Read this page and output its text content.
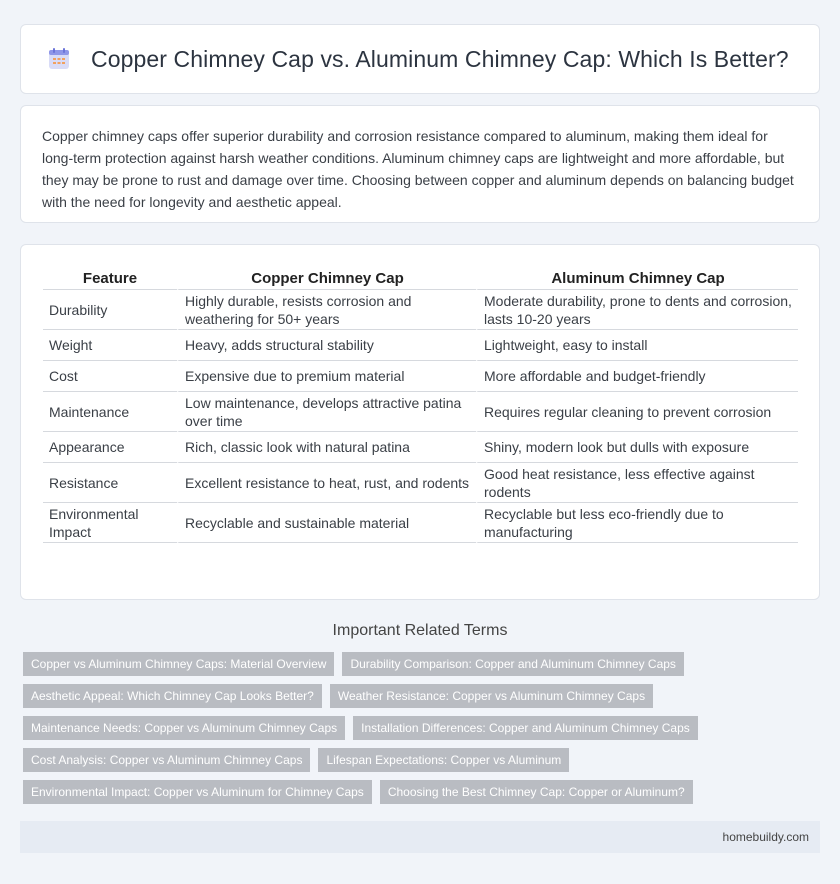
Copper Chimney Cap vs. Aluminum Chimney Cap: Which Is Better?

Copper chimney caps offer superior durability and corrosion resistance compared to aluminum, making them ideal for long-term protection against harsh weather conditions. Aluminum chimney caps are lightweight and more affordable, but they may be prone to rust and damage over time. Choosing between copper and aluminum depends on balancing budget with the need for longevity and aesthetic appeal.

Feature	Copper Chimney Cap	Aluminum Chimney Cap
Durability	Highly durable, resists corrosion and weathering for 50+ years	Moderate durability, prone to dents and corrosion, lasts 10-20 years
Weight	Heavy, adds structural stability	Lightweight, easy to install
Cost	Expensive due to premium material	More affordable and budget-friendly
Maintenance	Low maintenance, develops attractive patina over time	Requires regular cleaning to prevent corrosion
Appearance	Rich, classic look with natural patina	Shiny, modern look but dulls with exposure
Resistance	Excellent resistance to heat, rust, and rodents	Good heat resistance, less effective against rodents
Environmental Impact	Recyclable and sustainable material	Recyclable but less eco-friendly due to manufacturing
Important Related Terms
Copper vs Aluminum Chimney Caps: Material Overview	Durability Comparison: Copper and Aluminum Chimney Caps
Aesthetic Appeal: Which Chimney Cap Looks Better?	Weather Resistance: Copper vs Aluminum Chimney Caps
Maintenance Needs: Copper vs Aluminum Chimney Caps	Installation Differences: Copper and Aluminum Chimney Caps
Cost Analysis: Copper vs Aluminum Chimney Caps	Lifespan Expectations: Copper vs Aluminum
Environmental Impact: Copper vs Aluminum for Chimney Caps	Choosing the Best Chimney Cap: Copper or Aluminum?
homebuildy.com
